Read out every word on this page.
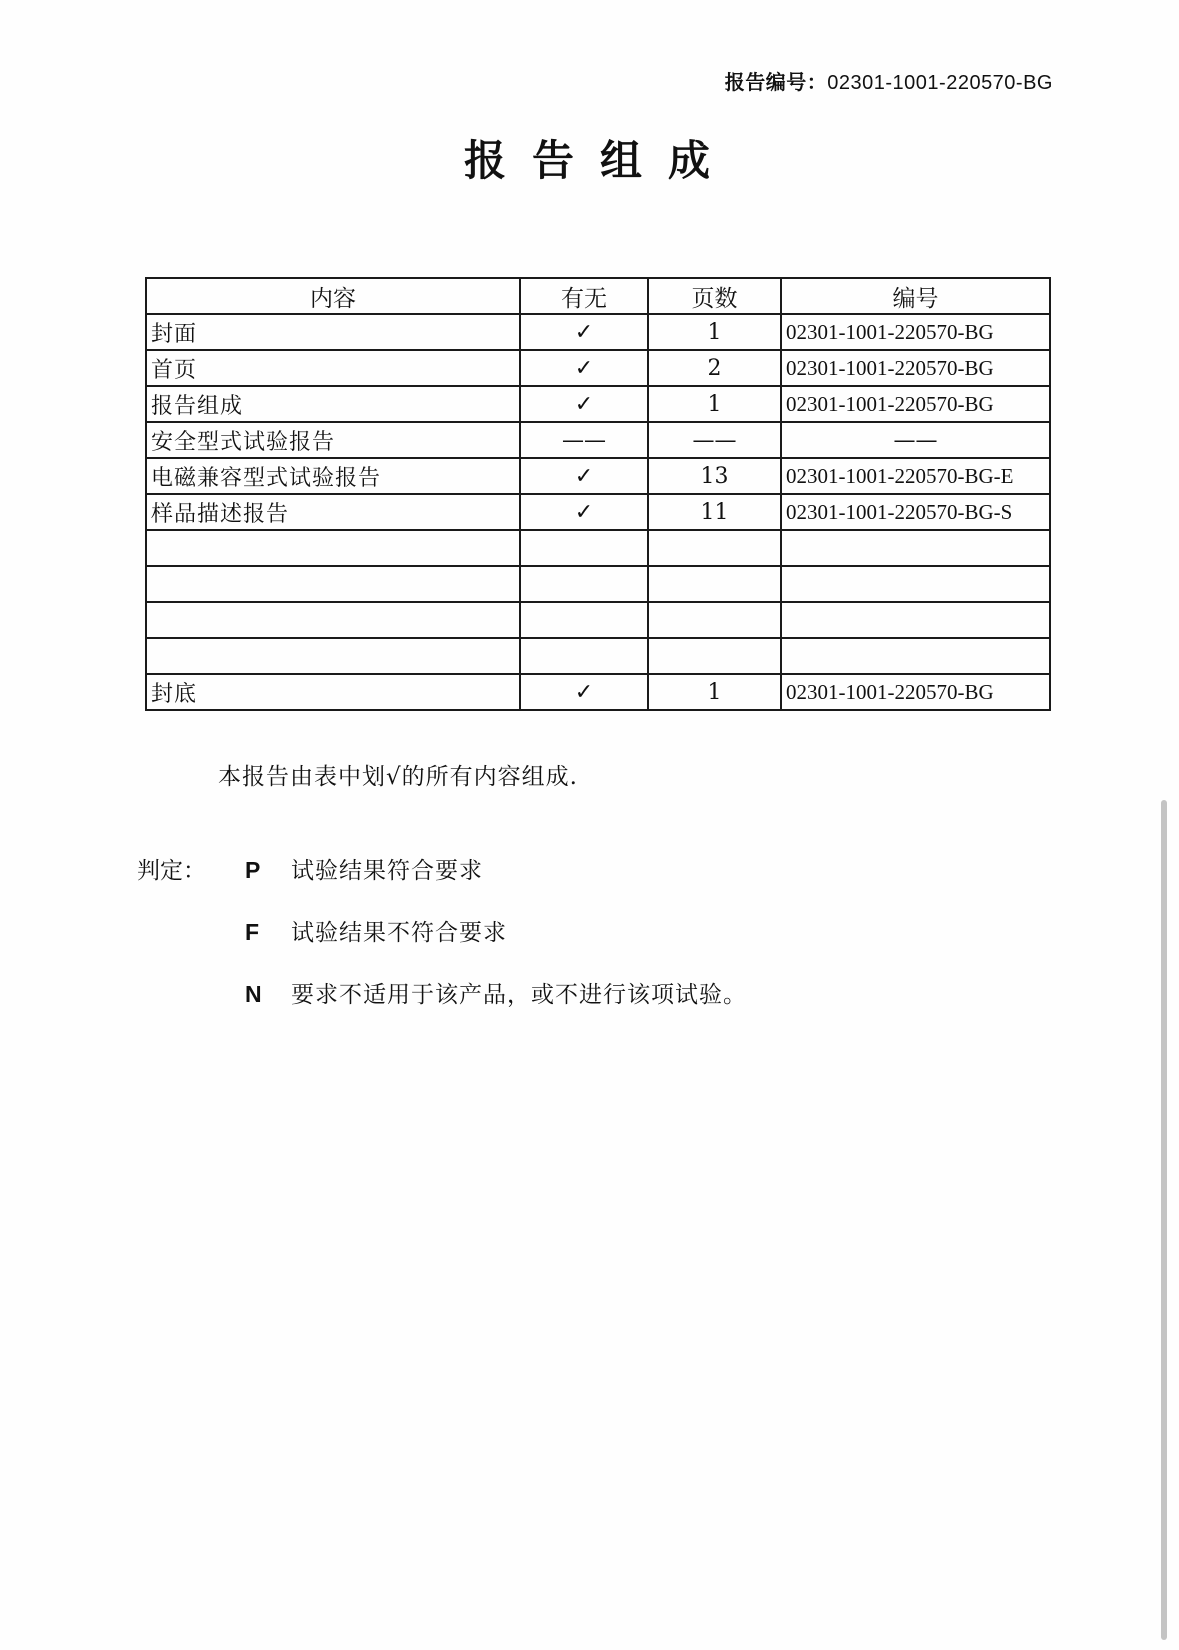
报告编号：02301-1001-220570-BG
报告组成
内容	有无	页数	编号
封面	✓	1	02301-1001-220570-BG
首页	✓	2	02301-1001-220570-BG
报告组成	✓	1	02301-1001-220570-BG
安全型式试验报告	——	——	——
电磁兼容型式试验报告	✓	13	02301-1001-220570-BG-E
样品描述报告	✓	11	02301-1001-220570-BG-S

封底	✓	1	02301-1001-220570-BG
本报告由表中划√的所有内容组成.
判定： P 试验结果符合要求
F 试验结果不符合要求
N 要求不适用于该产品，或不进行该项试验。
